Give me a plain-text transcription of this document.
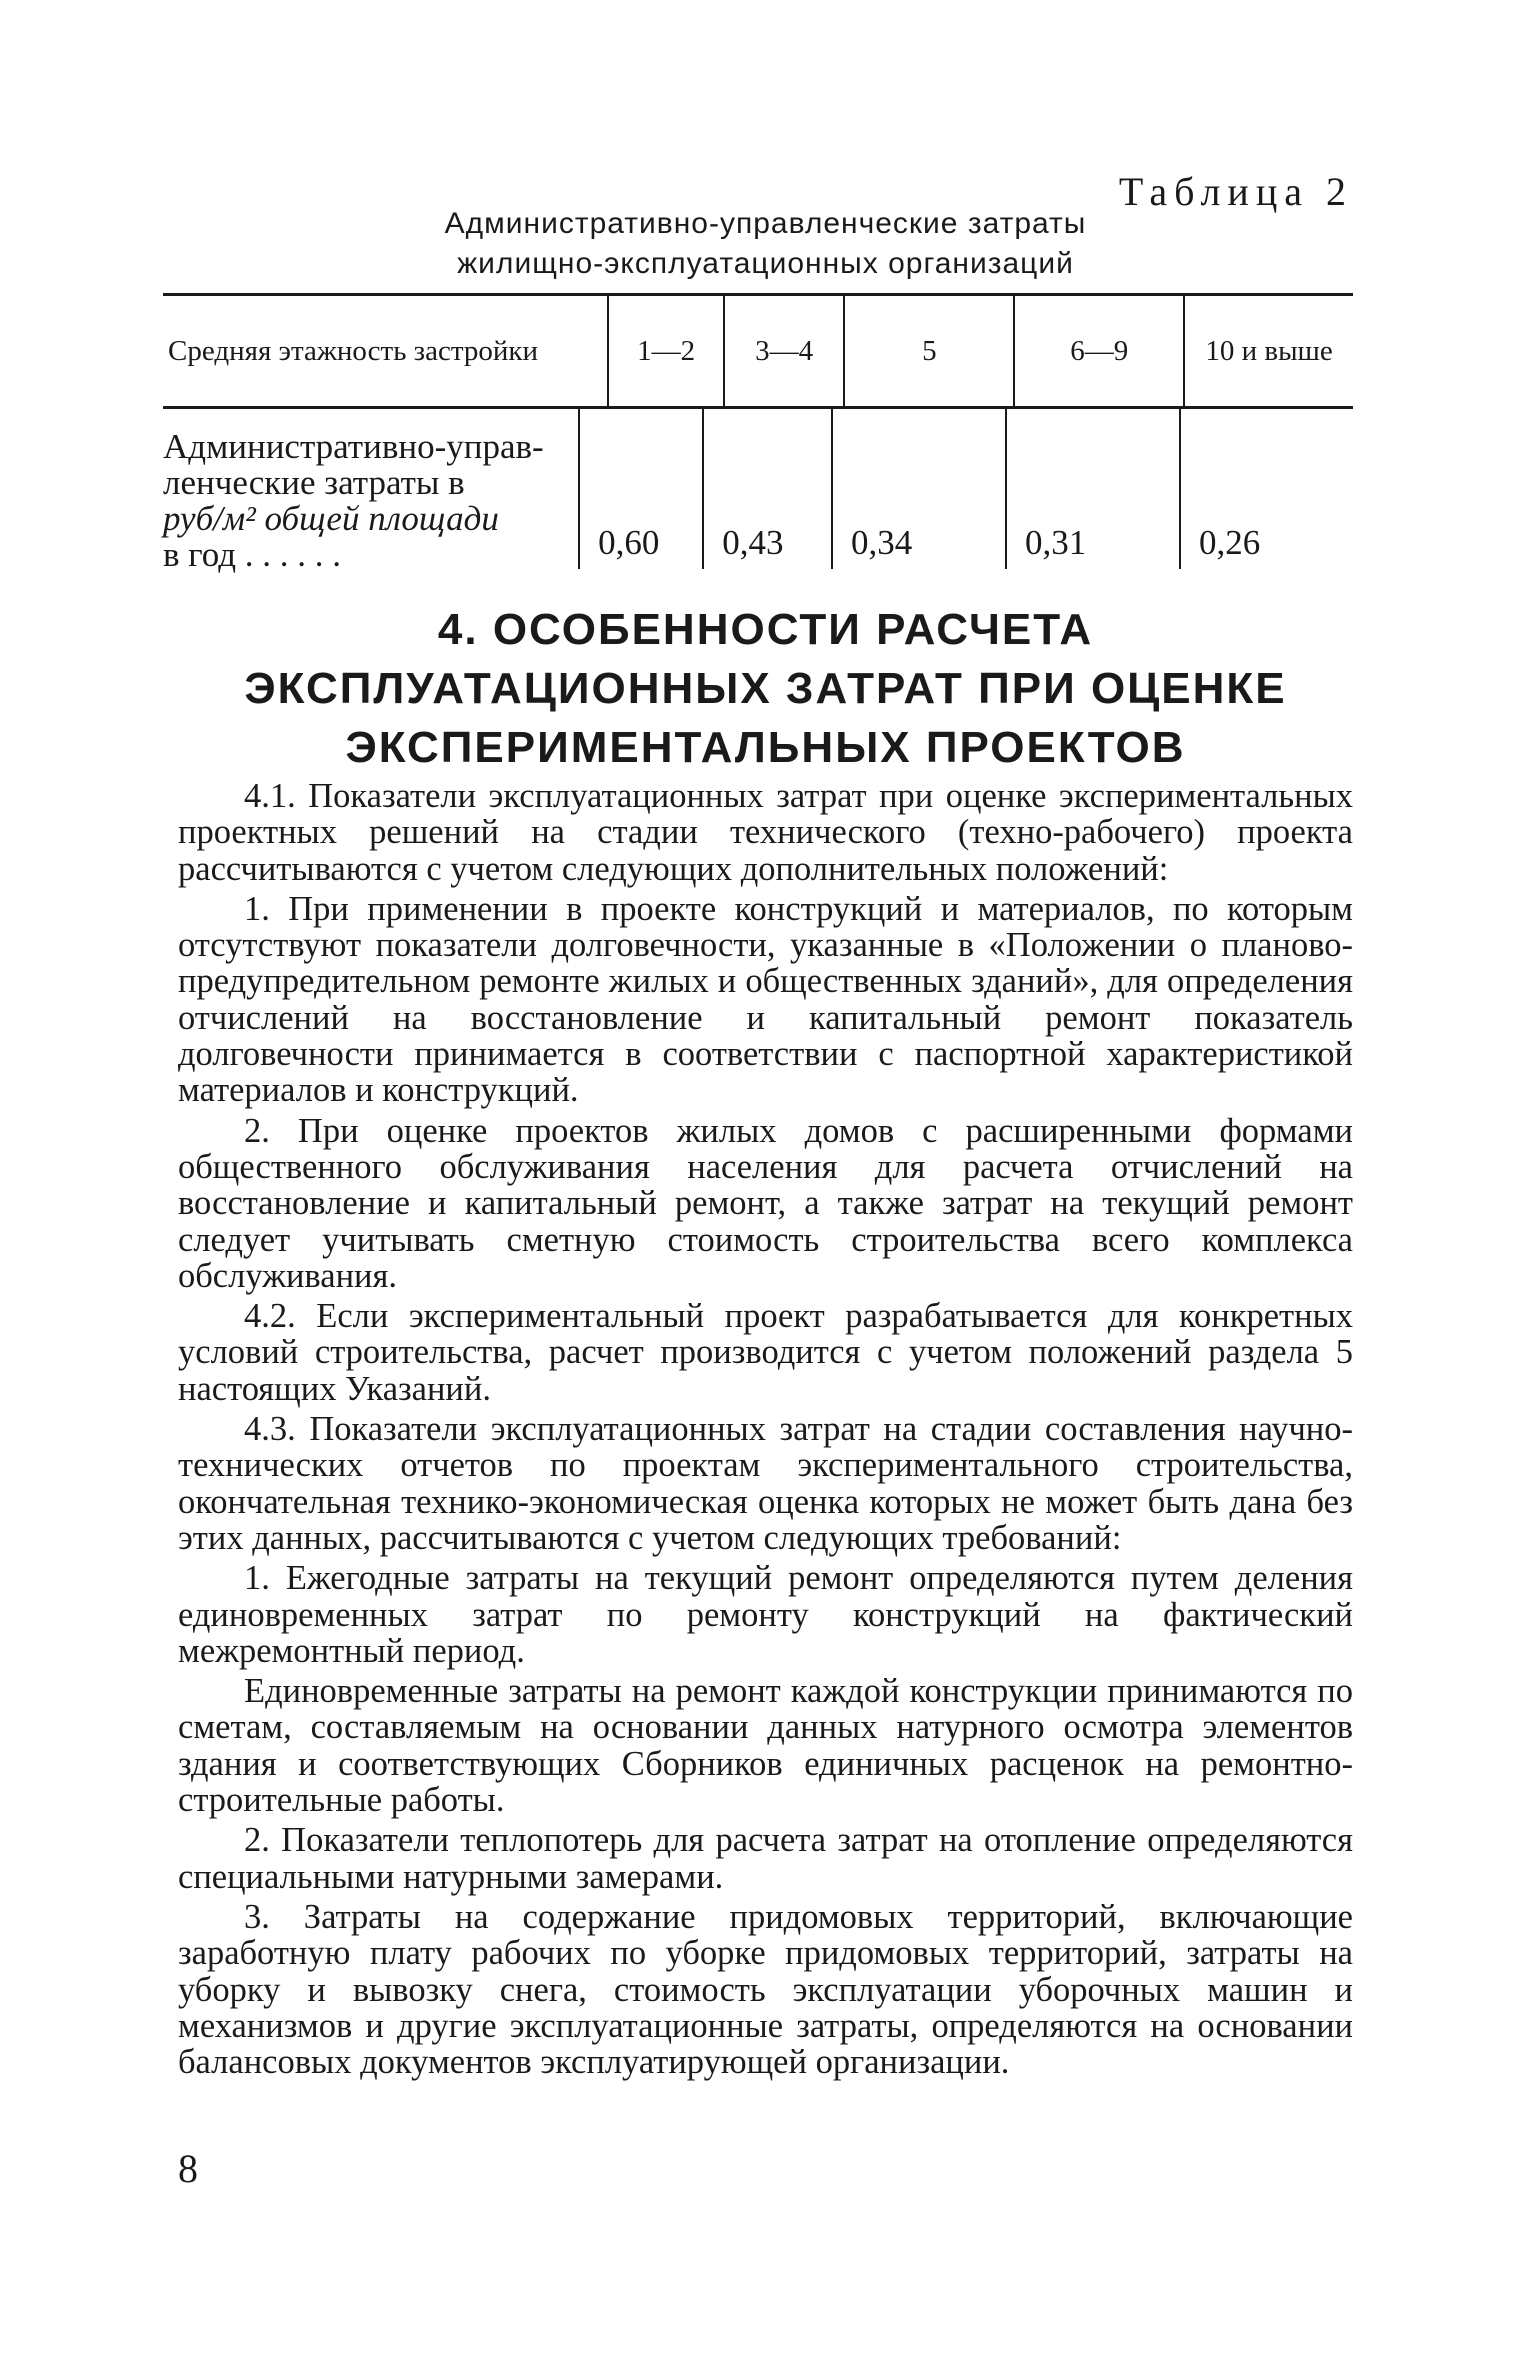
Таблица 2
Административно-управленческие затраты
жилищно-эксплуатационных организаций
Средняя этажность застройки	1—2	3—4	5	6—9	10 и выше
Административно-управ-
ленческие затраты в
руб/м² общей площади
в год . . . . . .	0,60	0,43	0,34	0,31	0,26
4. ОСОБЕННОСТИ РАСЧЕТА
ЭКСПЛУАТАЦИОННЫХ ЗАТРАТ ПРИ ОЦЕНКЕ
ЭКСПЕРИМЕНТАЛЬНЫХ ПРОЕКТОВ

4.1. Показатели эксплуатационных затрат при оценке экспериментальных проектных решений на стадии технического (техно-рабочего) проекта рассчитываются с учетом следующих дополнительных положений:

1. При применении в проекте конструкций и материалов, по которым отсутствуют показатели долговечности, указанные в «Положении о планово-предупредительном ремонте жилых и общественных зданий», для определения отчислений на восстановление и капитальный ремонт показатель долговечности принимается в соответствии с паспортной характеристикой материалов и конструкций.

2. При оценке проектов жилых домов с расширенными формами общественного обслуживания населения для расчета отчислений на восстановление и капитальный ремонт, а также затрат на текущий ремонт следует учитывать сметную стоимость строительства всего комплекса обслуживания.

4.2. Если экспериментальный проект разрабатывается для конкретных условий строительства, расчет производится с учетом положений раздела 5 настоящих Указаний.

4.3. Показатели эксплуатационных затрат на стадии составления научно-технических отчетов по проектам экспериментального строительства, окончательная технико-экономическая оценка которых не может быть дана без этих данных, рассчитываются с учетом следующих требований:

1. Ежегодные затраты на текущий ремонт определяются путем деления единовременных затрат по ремонту конструкций на фактический межремонтный период.

Единовременные затраты на ремонт каждой конструкции принимаются по сметам, составляемым на основании данных натурного осмотра элементов здания и соответствующих Сборников единичных расценок на ремонтно-строительные работы.

2. Показатели теплопотерь для расчета затрат на отопление определяются специальными натурными замерами.

3. Затраты на содержание придомовых территорий, включающие заработную плату рабочих по уборке придомовых территорий, затраты на уборку и вывозку снега, стоимость эксплуатации уборочных машин и механизмов и другие эксплуатационные затраты, определяются на основании балансовых документов эксплуатирующей организации.

8
